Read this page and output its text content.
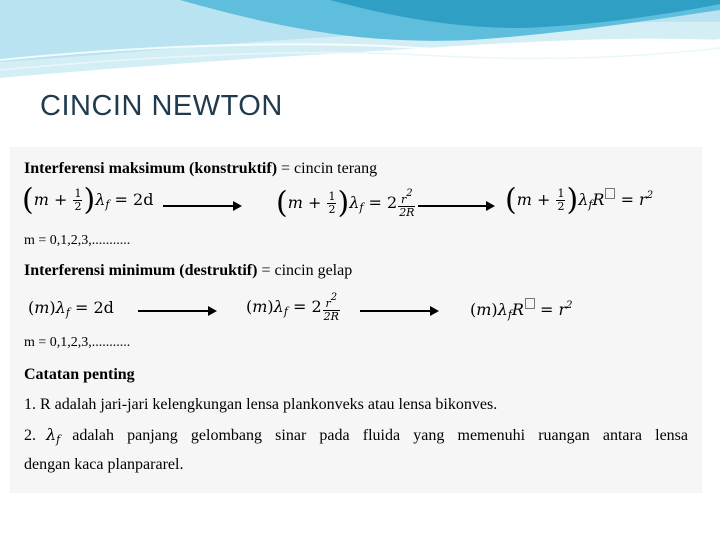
CINCIN NEWTON
Interferensi maksimum (konstruktif) = cincin terang
$(m + \frac{1}{2} )\lambda_f = 2d$	$(m + \frac{1}{2} )\lambda_f = 2 \frac{r2}{2R}$	$(m + \frac{1}{2} )\lambda_fR = r^2$
m = 0,1,2,3,...........
Interferensi minimum (destruktif) = cincin gelap
$(m)\lambda_f = 2d$	$(m)\lambda_f = 2 \frac{r2}{2R}$	$(m)\lambda_fR = r^2$
m = 0,1,2,3,...........
Catatan penting
1. R adalah jari-jari kelengkungan lensa plankonveks atau lensa bikonves.
2. $\lambda_f$ adalah panjang gelombang sinar pada fluida yang memenuhi ruangan antara lensa
dengan kaca planpararel.
